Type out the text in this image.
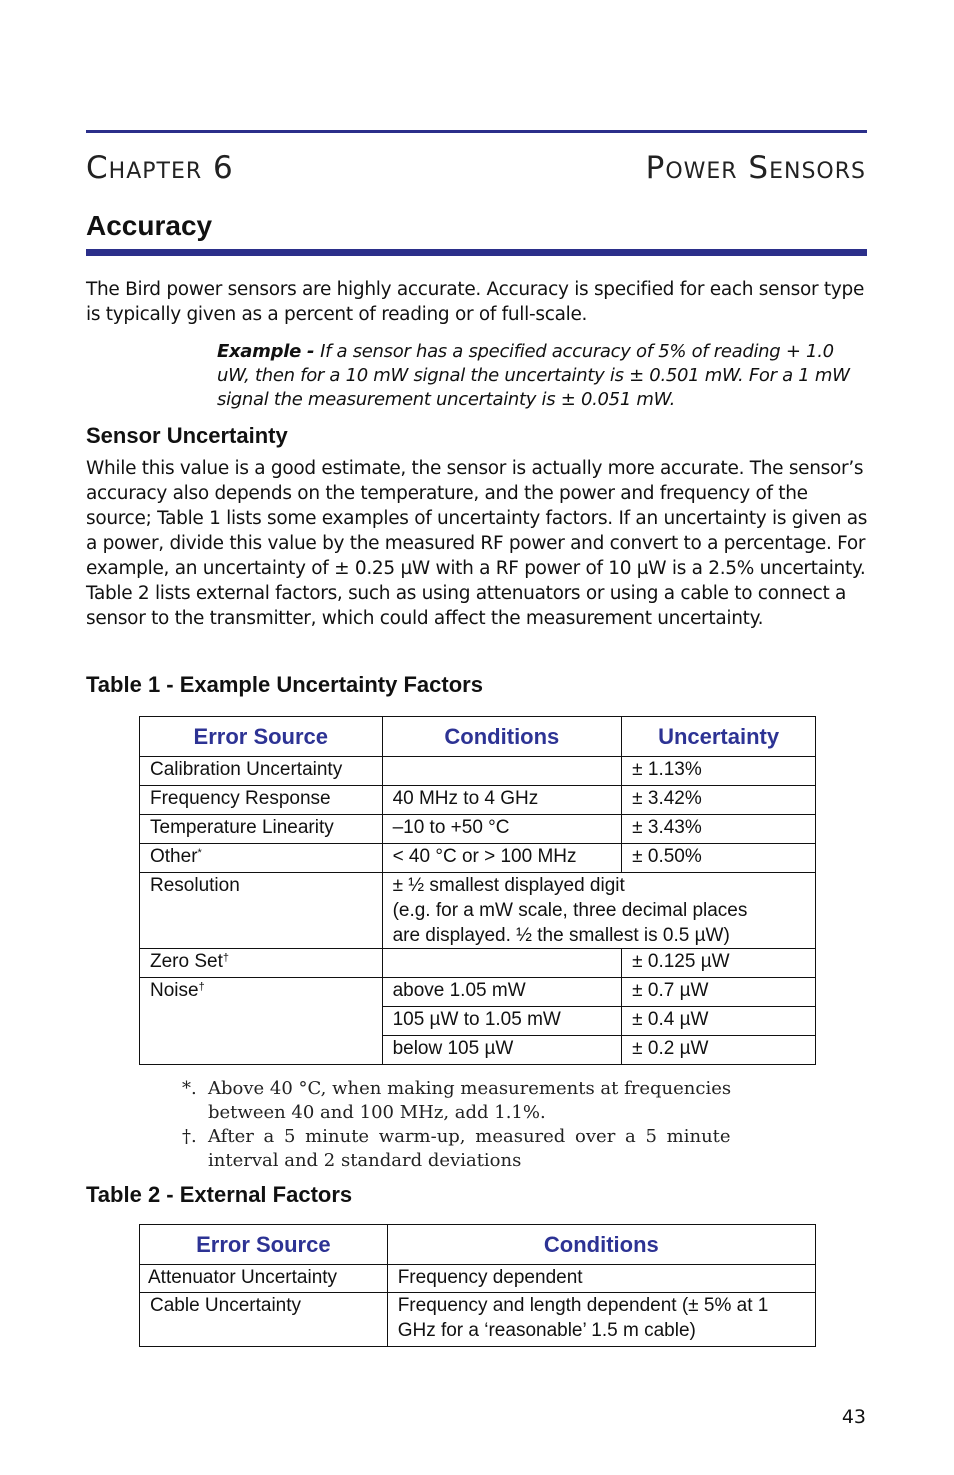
Chapter 6	Power Sensors
Accuracy
The Bird power sensors are highly accurate. Accuracy is specified for each sensor type is typically given as a percent of reading or of full-scale.
Example - If a sensor has a specified accuracy of 5% of reading + 1.0 uW, then for a 10 mW signal the uncertainty is ± 0.501 mW. For a 1 mW signal the measurement uncertainty is ± 0.051 mW.
Sensor Uncertainty
While this value is a good estimate, the sensor is actually more accurate. The sensor’s accuracy also depends on the temperature, and the power and frequency of the source; Table 1 lists some examples of uncertainty factors. If an uncertainty is given as a power, divide this value by the measured RF power and convert to a percentage. For example, an uncertainty of ± 0.25 µW with a RF power of 10 µW is a 2.5% uncertainty. Table 2 lists external factors, such as using attenuators or using a cable to connect a sensor to the transmitter, which could affect the measurement uncertainty.
Table 1 - Example Uncertainty Factors
Error Source	Conditions	Uncertainty
Calibration Uncertainty		± 1.13%
Frequency Response	40 MHz to 4 GHz	± 3.42%
Temperature Linearity	–10 to +50 °C	± 3.43%
Other*	< 40 °C or > 100 MHz	± 0.50%
Resolution	± ½ smallest displayed digit
(e.g. for a mW scale, three decimal places
are displayed. ½ the smallest is 0.5 µW)	

Zero Set†		± 0.125 µW
Noise†	above 1.05 mW	± 0.7 µW
	105 µW to 1.05 mW	± 0.4 µW
	below 105 µW	± 0.2 µW
*. Above 40 °C, when making measurements at frequencies
between 40 and 100 MHz, add 1.1%.
†. After a 5 minute warm-up, measured over a 5 minute
interval and 2 standard deviations
Table 2 - External Factors
Error Source	Conditions
Attenuator Uncertainty	Frequency dependent
Cable Uncertainty	Frequency and length dependent (± 5% at 1 GHz for a ‘reasonable’ 1.5 m cable)
43
